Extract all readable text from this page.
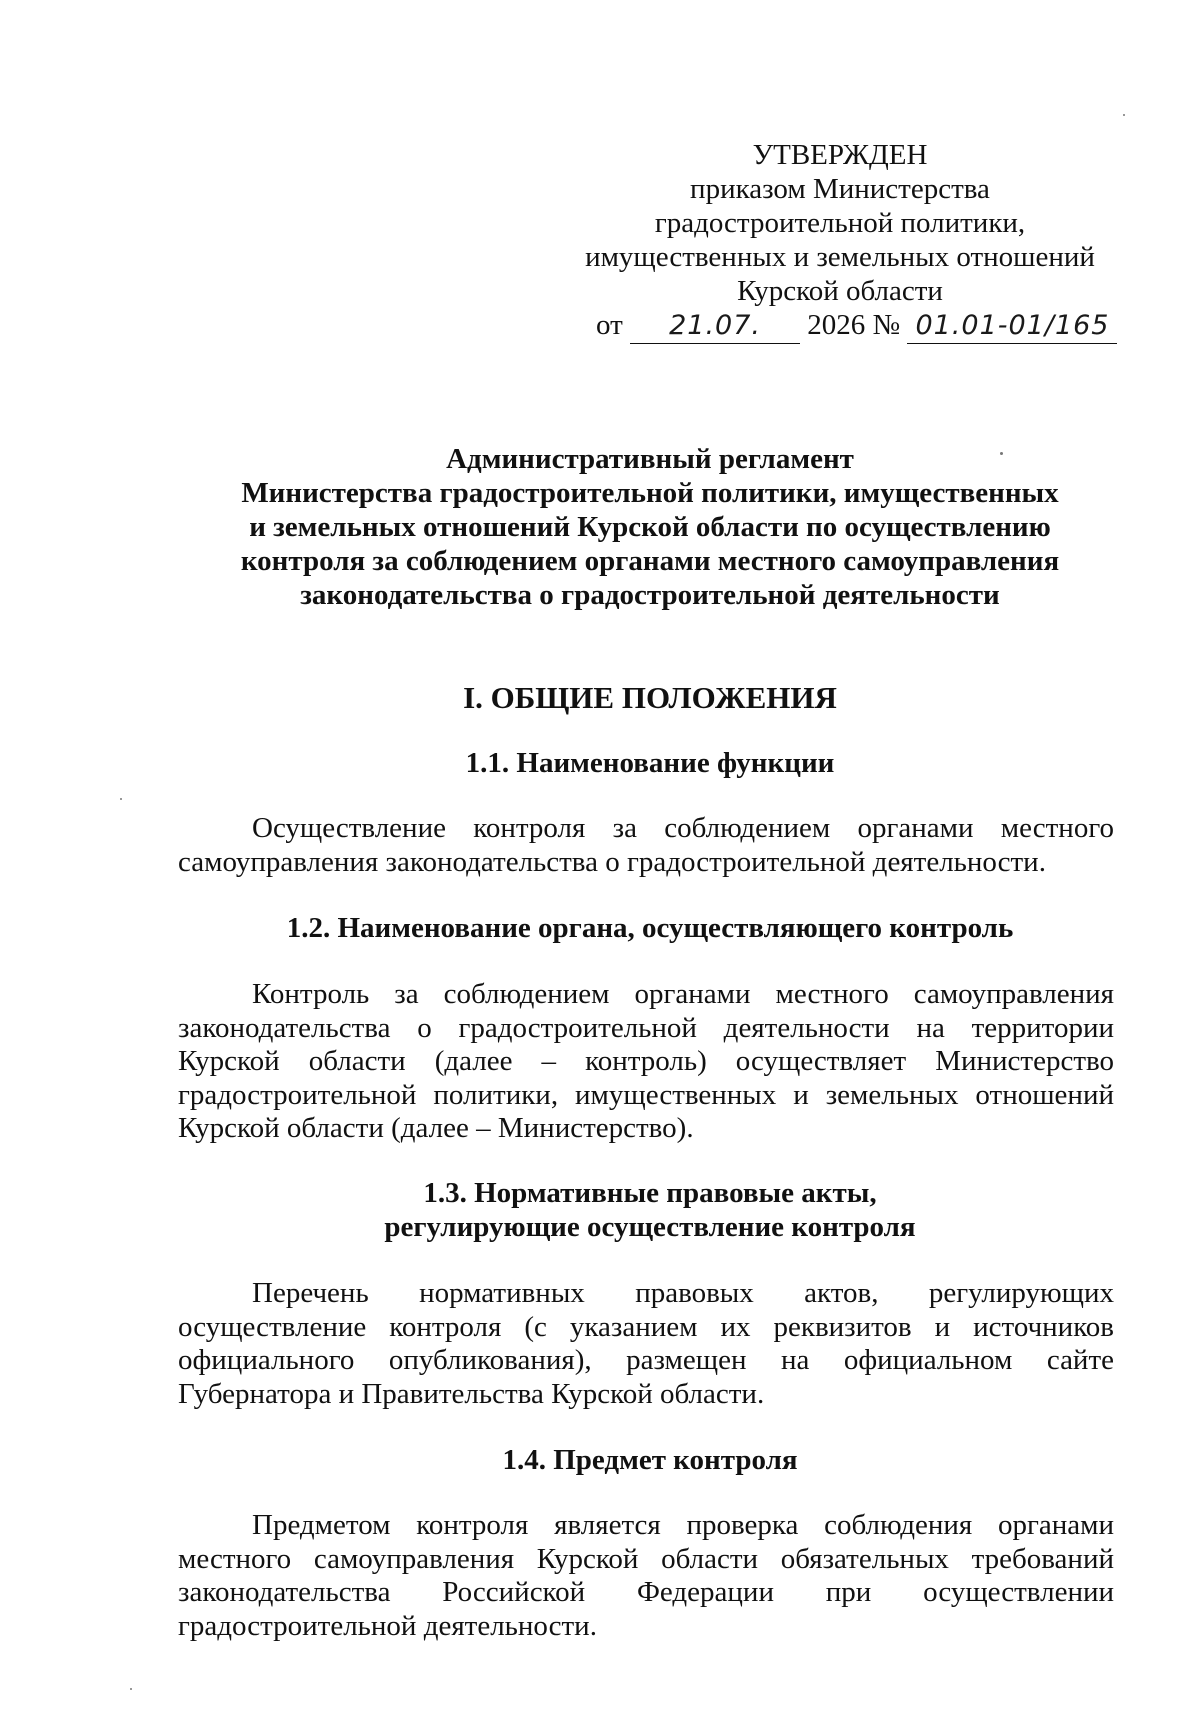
УТВЕРЖДЕН
приказом Министерства
градостроительной политики,
имущественных и земельных отношений
Курской области
от 21.07. 2026 № 01.01-01/165
Административный регламент
Министерства градостроительной политики, имущественных
и земельных отношений Курской области по осуществлению
контроля за соблюдением органами местного самоуправления
законодательства о градостроительной деятельности
I. ОБЩИЕ ПОЛОЖЕНИЯ
1.1. Наименование функции
Осуществление контроля за соблюдением органами местного
самоуправления законодательства о градостроительной деятельности.
1.2. Наименование органа, осуществляющего контроль
Контроль за соблюдением органами местного самоуправления
законодательства о градостроительной деятельности на территории
Курской области (далее – контроль) осуществляет Министерство
градостроительной политики, имущественных и земельных отношений
Курской области (далее – Министерство).
1.3. Нормативные правовые акты,
регулирующие осуществление контроля
Перечень нормативных правовых актов, регулирующих
осуществление контроля (с указанием их реквизитов и источников
официального опубликования), размещен на официальном сайте
Губернатора и Правительства Курской области.
1.4. Предмет контроля
Предметом контроля является проверка соблюдения органами
местного самоуправления Курской области обязательных требований
законодательства Российской Федерации при осуществлении
градостроительной деятельности.
